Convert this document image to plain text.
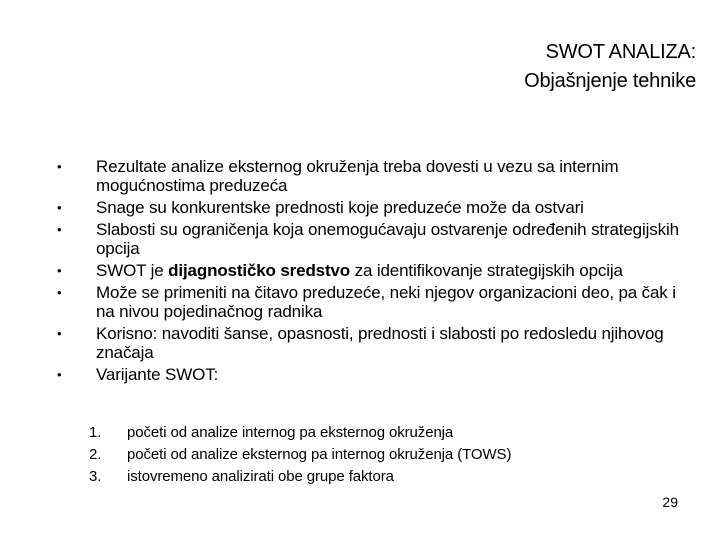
SWOT ANALIZA:
Objašnjenje tehnike
• Rezultate analize eksternog okruženja treba dovesti u vezu sa internim mogućnostima preduzeća
• Snage su konkurentske prednosti koje preduzeće može da ostvari
• Slabosti su ograničenja koja onemogućavaju ostvarenje određenih strategijskih opcija
• SWOT je dijagnostičko sredstvo za identifikovanje strategijskih opcija
• Može se primeniti na čitavo preduzeće, neki njegov organizacioni deo, pa čak i na nivou pojedinačnog radnika
• Korisno: navoditi šanse, opasnosti, prednosti i slabosti po redosledu njihovog značaja
• Varijante SWOT:
1. početi od analize internog pa eksternog okruženja
2. početi od analize eksternog pa internog okruženja (TOWS)
3. istovremeno analizirati obe grupe faktora
29
